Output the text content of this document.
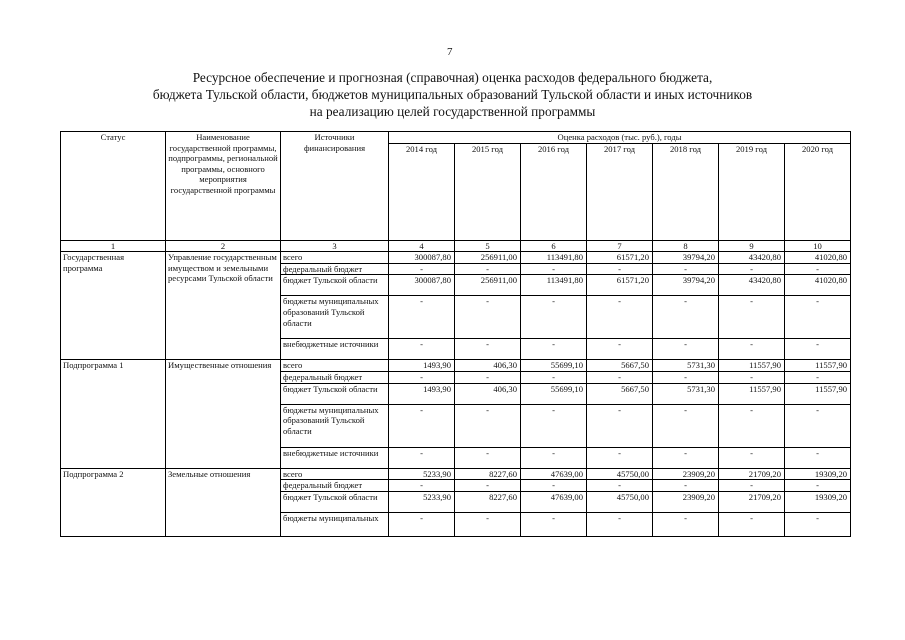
7
Ресурсное обеспечение и прогнозная (справочная) оценка расходов федерального бюджета,
бюджета Тульской области, бюджетов муниципальных образований Тульской области и иных источников
на реализацию целей государственной программы
Статус	Наименование государственной программы, подпрограммы, региональной программы, основного мероприятия государственной программы	Источники финансирования	Оценка расходов (тыс. руб.), годы						
			2014 год	2015 год	2016 год	2017 год	2018 год	2019 год	2020 год
1	2	3	4	5	6	7	8	9	10
Государственная программа	Управление государственным имуществом и земельными ресурсами Тульской области	всего	300087,80	256911,00	113491,80	61571,20	39794,20	43420,80	41020,80
		федеральный бюджет	-	-	-	-	-	-	-
		бюджет Тульской области	300087,80	256911,00	113491,80	61571,20	39794,20	43420,80	41020,80
		бюджеты муниципальных образований Тульской области	-	-	-	-	-	-	-
		внебюджетные источники	-	-	-	-	-	-	-
Подпрограмма 1	Имущественные отношения	всего	1493,90	406,30	55699,10	5667,50	5731,30	11557,90	11557,90
		федеральный бюджет	-	-	-	-	-	-	-
		бюджет Тульской области	1493,90	406,30	55699,10	5667,50	5731,30	11557,90	11557,90
		бюджеты муниципальных образований Тульской области	-	-	-	-	-	-	-
		внебюджетные источники	-	-	-	-	-	-	-
Подпрограмма 2	Земельные отношения	всего	5233,90	8227,60	47639,00	45750,00	23909,20	21709,20	19309,20
		федеральный бюджет	-	-	-	-	-	-	-
		бюджет Тульской области	5233,90	8227,60	47639,00	45750,00	23909,20	21709,20	19309,20
		бюджеты муниципальных	-	-	-	-	-	-	-
